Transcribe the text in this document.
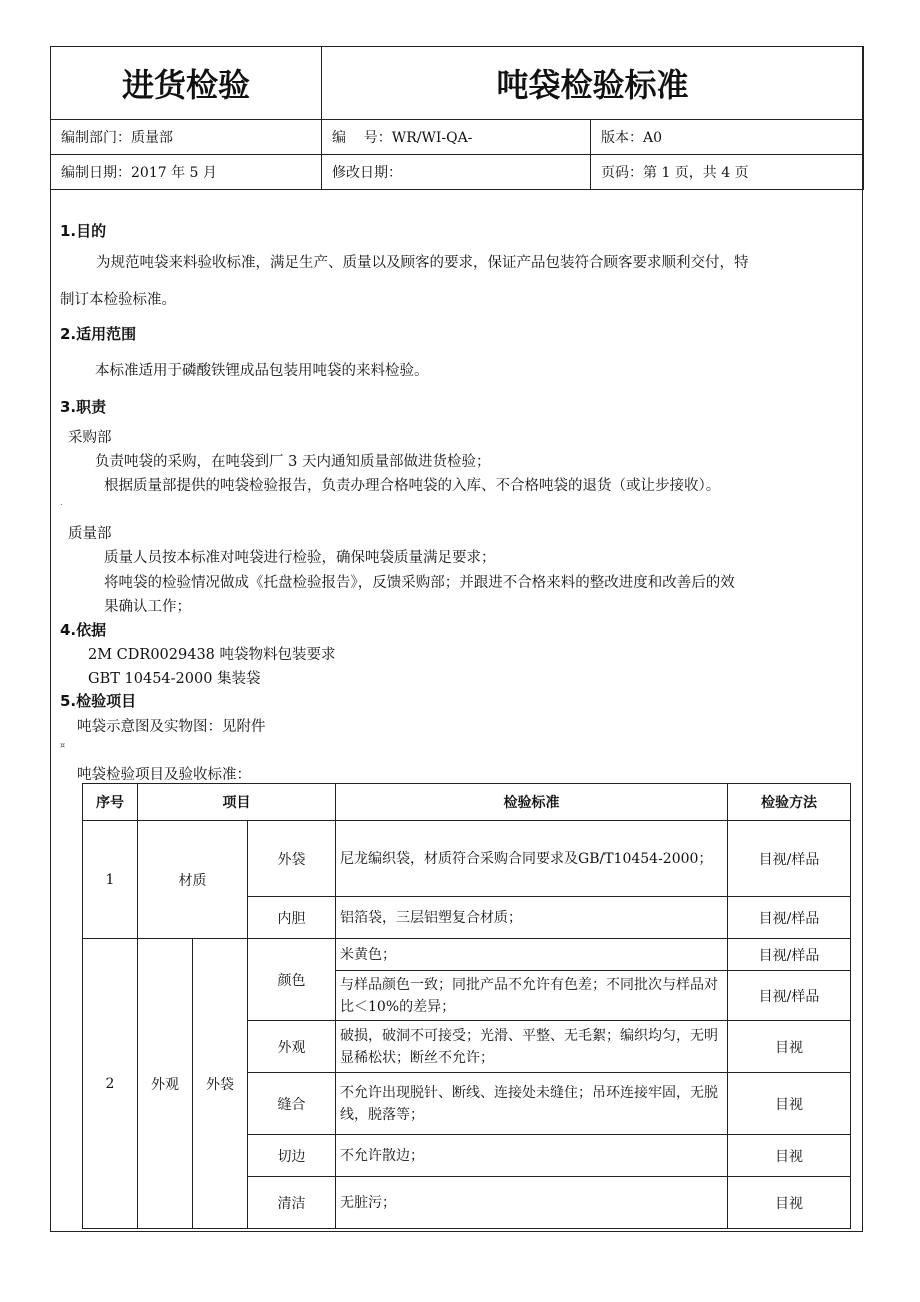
进货检验	吨袋检验标准	
编制部门：质量部	编    号：WR/WI-QA-	版本：A0
编制日期：2017 年 5 月	修改日期：	页码：第 1 页，共 4 页
1.目的
为规范吨袋来料验收标准，满足生产、质量以及顾客的要求，保证产品包装符合顾客要求顺利交付，特
制订本检验标准。
2.适用范围
本标准适用于磷酸铁锂成品包装用吨袋的来料检验。
3.职责
采购部
负责吨袋的采购，在吨袋到厂 3 天内通知质量部做进货检验；
根据质量部提供的吨袋检验报告，负责办理合格吨袋的入库、不合格吨袋的退货（或让步接收）。
.
质量部
质量人员按本标准对吨袋进行检验，确保吨袋质量满足要求；
将吨袋的检验情况做成《托盘检验报告》，反馈采购部；并跟进不合格来料的整改进度和改善后的效
果确认工作；
4.依据
2M CDR0029438 吨袋物料包装要求
GBT 10454-2000 集装袋
5.检验项目
吨袋示意图及实物图：见附件
¤
吨袋检验项目及验收标准：
序号	项目			检验标准	检验方法
1	材质		外袋	尼龙编织袋，材质符合采购合同要求及GB/T10454-2000；	目视/样品
			内胆	铝箔袋，三层铝塑复合材质；	目视/样品
2	外观	外袋	颜色	米黄色；	目视/样品
				与样品颜色一致；同批产品不允许有色差；不同批次与样品对比＜10%的差异；	目视/样品
			外观	破损，破洞不可接受；光滑、平整、无毛絮；编织均匀，无明显稀松状；断丝不允许；	目视
			缝合	不允许出现脱针、断线、连接处未缝住；吊环连接牢固，无脱线，脱落等；	目视
			切边	不允许散边；	目视
			清洁	无脏污；	目视
